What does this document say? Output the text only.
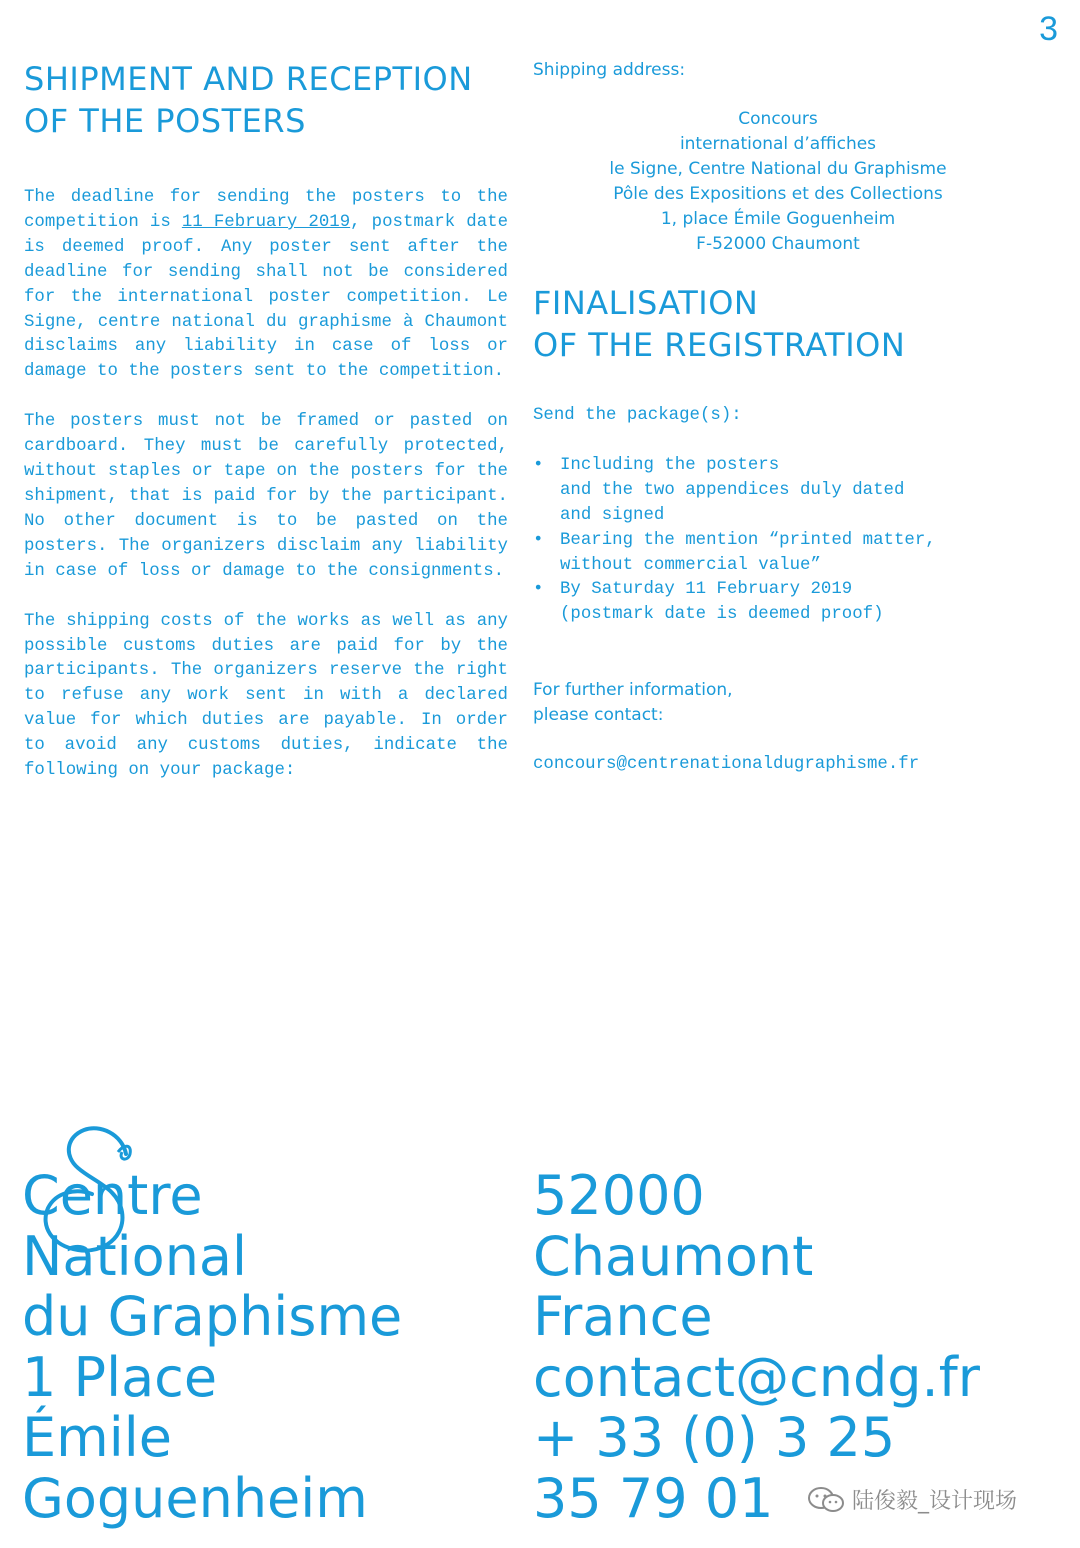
3
SHIPMENT AND RECEPTION
OF THE POSTERS

The deadline for sending the posters to the competition is 11 February 2019, postmark date is deemed proof. Any poster sent after the deadline for sending shall not be considered for the international poster competition. Le Signe, centre national du graphisme à Chaumont disclaims any liability in case of loss or damage to the posters sent to the competition.

The posters must not be framed or pasted on cardboard. They must be carefully protected, without staples or tape on the posters for the shipment, that is paid for by the participant. No other document is to be pasted on the posters. The organizers disclaim any liability in case of loss or damage to the consignments.

The shipping costs of the works as well as any possible customs duties are paid for by the participants. The organizers reserve the right to refuse any work sent in with a declared value for which duties are payable. In order to avoid any customs duties, indicate the following on your package:

Shipping address:

Concours
international d’affiches
le Signe, Centre National du Graphisme
Pôle des Expositions et des Collections
1, place Émile Goguenheim
F-52000 Chaumont
FINALISATION
OF THE REGISTRATION

Send the package(s):

• Including the posters
and the two appendices duly dated
and signed
• Bearing the mention “printed matter,
without commercial value”
• By Saturday 11 February 2019
(postmark date is deemed proof)

For further information,
please contact:

concours@centrenationaldugraphisme.fr

Centre

National

du Graphisme

1 Place

Émile

Goguenheim

52000

Chaumont

France

contact@cndg.fr

+ 33 (0) 3 25

35 79 01	陆俊毅_设计现场
